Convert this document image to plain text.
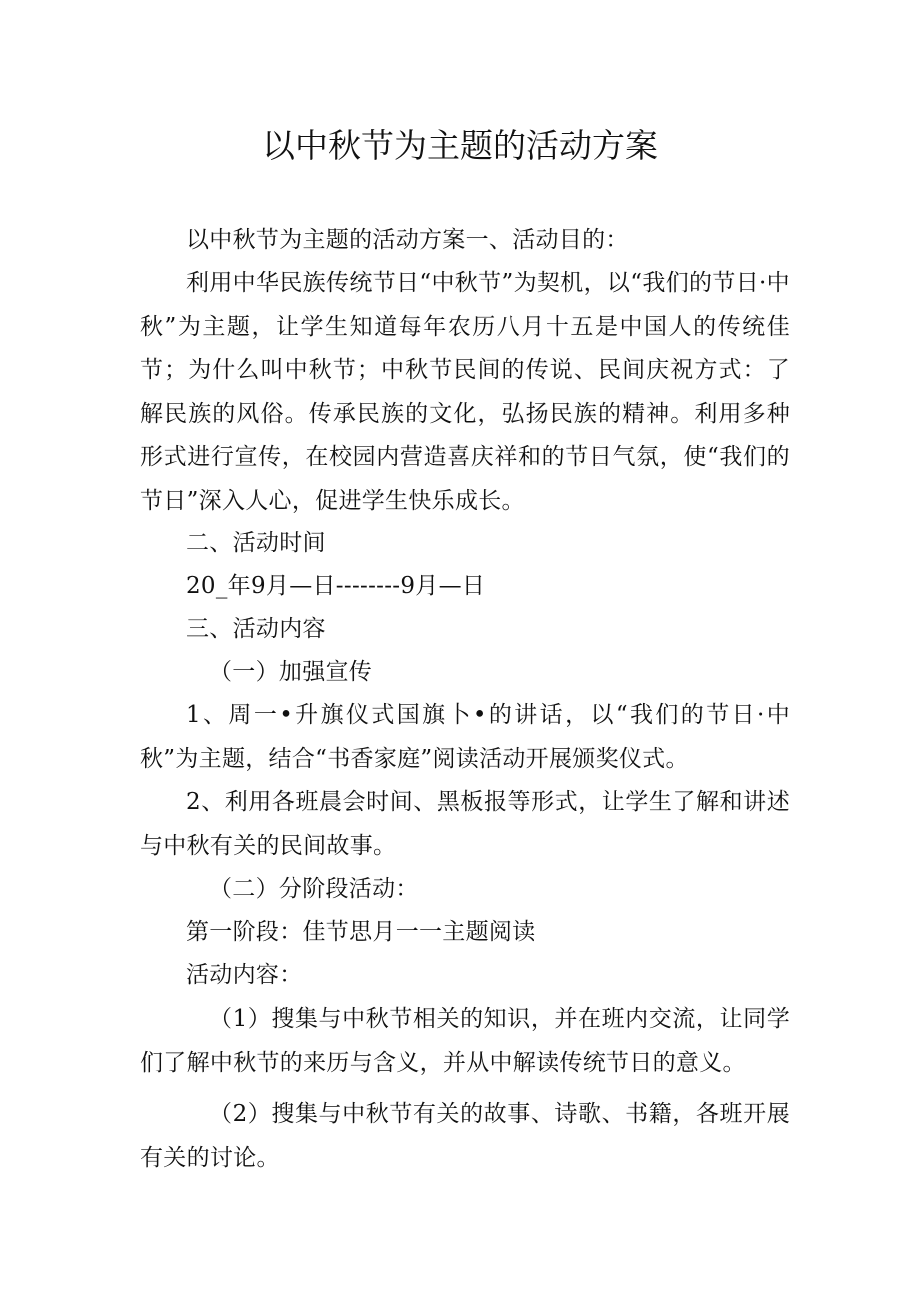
以中秋节为主题的活动方案

以中秋节为主题的活动方案一、活动目的：

利用中华民族传统节日“中秋节”为契机，以“我们的节日·中秋”为主题，让学生知道每年农历八月十五是中国人的传统佳节；为什么叫中秋节；中秋节民间的传说、民间庆祝方式：了解民族的风俗。传承民族的文化，弘扬民族的精神。利用多种形式进行宣传，在校园内营造喜庆祥和的节日气氛，使“我们的节日”深入人心，促进学生快乐成长。

二、活动时间

20_年9月—日--------9月—日

三、活动内容

（一）加强宣传

1、周一•升旗仪式国旗卜•的讲话，以“我们的节日·中秋”为主题，结合“书香家庭”阅读活动开展颁奖仪式。

2、利用各班晨会时间、黑板报等形式，让学生了解和讲述与中秋有关的民间故事。

（二）分阶段活动：

第一阶段：佳节思月一一主题阅读

活动内容：

（1）搜集与中秋节相关的知识，并在班内交流，让同学们了解中秋节的来历与含义，并从中解读传统节日的意义。

（2）搜集与中秋节有关的故事、诗歌、书籍，各班开展有关的讨论。
